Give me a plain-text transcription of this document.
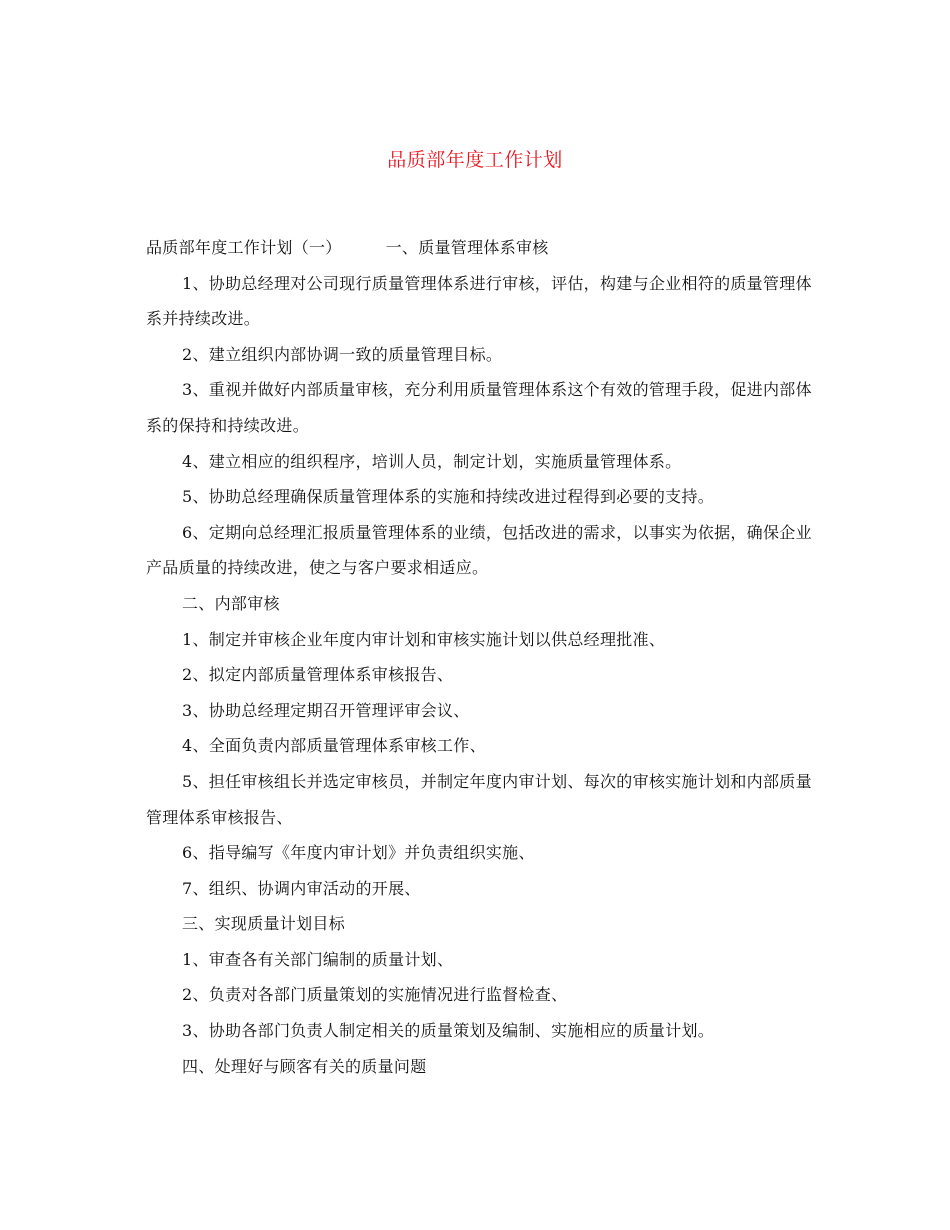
品质部年度工作计划

品质部年度工作计划（一）	一、质量管理体系审核

1、协助总经理对公司现行质量管理体系进行审核，评估，构建与企业相符的质量管理体系并持续改进。

2、建立组织内部协调一致的质量管理目标。

3、重视并做好内部质量审核，充分利用质量管理体系这个有效的管理手段，促进内部体系的保持和持续改进。

4、建立相应的组织程序，培训人员，制定计划，实施质量管理体系。

5、协助总经理确保质量管理体系的实施和持续改进过程得到必要的支持。

6、定期向总经理汇报质量管理体系的业绩，包括改进的需求，以事实为依据，确保企业产品质量的持续改进，使之与客户要求相适应。

二、内部审核

1、制定并审核企业年度内审计划和审核实施计划以供总经理批准、

2、拟定内部质量管理体系审核报告、

3、协助总经理定期召开管理评审会议、

4、全面负责内部质量管理体系审核工作、

5、担任审核组长并选定审核员，并制定年度内审计划、每次的审核实施计划和内部质量管理体系审核报告、

6、指导编写《年度内审计划》并负责组织实施、

7、组织、协调内审活动的开展、

三、实现质量计划目标

1、审查各有关部门编制的质量计划、

2、负责对各部门质量策划的实施情况进行监督检查、

3、协助各部门负责人制定相关的质量策划及编制、实施相应的质量计划。

四、处理好与顾客有关的质量问题
